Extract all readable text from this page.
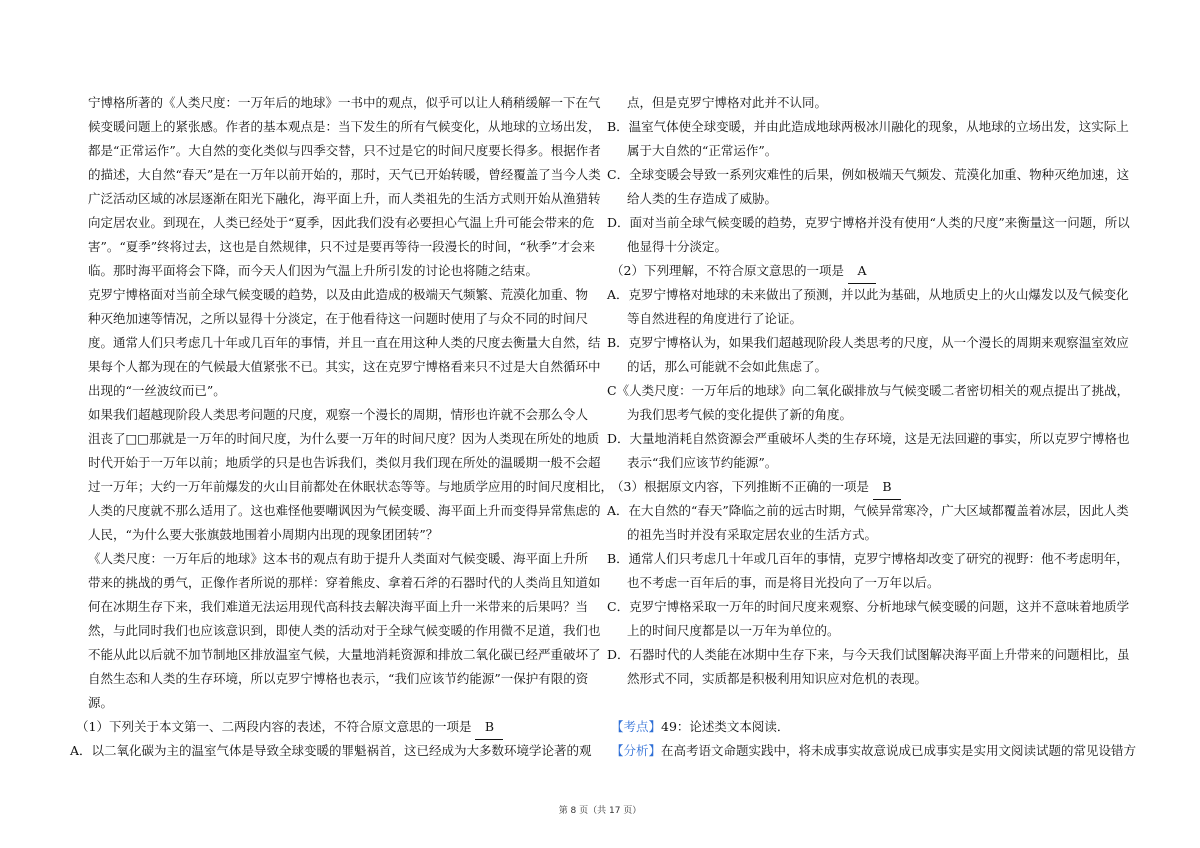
宁博格所著的《人类尺度：一万年后的地球》一书中的观点，似乎可以让人稍稍缓解一下在气
候变暖问题上的紧张感。作者的基本观点是：当下发生的所有气候变化，从地球的立场出发，
都是“正常运作”。大自然的变化类似与四季交替，只不过是它的时间尺度要长得多。根据作者
的描述，大自然“春天”是在一万年以前开始的，那时，天气已开始转暖，曾经覆盖了当今人类
广泛活动区域的冰层逐渐在阳光下融化，海平面上升，而人类祖先的生活方式则开始从渔猎转
向定居农业。到现在，人类已经处于“夏季，因此我们没有必要担心气温上升可能会带来的危
害”。“夏季”终将过去，这也是自然规律，只不过是要再等待一段漫长的时间，“秋季”才会来
临。那时海平面将会下降，而今天人们因为气温上升所引发的讨论也将随之结束。
克罗宁博格面对当前全球气候变暖的趋势，以及由此造成的极端天气频繁、荒漠化加重、物
种灭绝加速等情况，之所以显得十分淡定，在于他看待这一问题时使用了与众不同的时间尺
度。通常人们只考虑几十年或几百年的事情，并且一直在用这种人类的尺度去衡量大自然，结
果每个人都为现在的气候最大值紧张不已。其实，这在克罗宁博格看来只不过是大自然循环中
出现的“一丝波纹而已”。
如果我们超越现阶段人类思考问题的尺度，观察一个漫长的周期，情形也许就不会那么令人
沮丧了□□那就是一万年的时间尺度，为什么要一万年的时间尺度？因为人类现在所处的地质
时代开始于一万年以前；地质学的只是也告诉我们，类似月我们现在所处的温暖期一般不会超
过一万年；大约一万年前爆发的火山目前都处在休眠状态等等。与地质学应用的时间尺度相比，
人类的尺度就不那么适用了。这也难怪他要嘲讽因为气候变暖、海平面上升而变得异常焦虑的
人民，“为什么要大张旗鼓地围着小周期内出现的现象团团转”？
《人类尺度：一万年后的地球》这本书的观点有助于提升人类面对气候变暖、海平面上升所
带来的挑战的勇气，正像作者所说的那样：穿着熊皮、拿着石斧的石器时代的人类尚且知道如
何在冰期生存下来，我们难道无法运用现代高科技去解决海平面上升一米带来的后果吗？当
然，与此同时我们也应该意识到，即使人类的活动对于全球气候变暖的作用微不足道，我们也
不能从此以后就不加节制地区排放温室气候，大量地消耗资源和排放二氧化碳已经严重破坏了
自然生态和人类的生存环境，所以克罗宁博格也表示，“我们应该节约能源”一保护有限的资
源。
（1）下列关于本文第一、二两段内容的表述，不符合原文意思的一项是 B
A．以二氧化碳为主的温室气体是导致全球变暖的罪魁祸首，这已经成为大多数环境学论著的观
点，但是克罗宁博格对此并不认同。
B．温室气体使全球变暖，并由此造成地球两极冰川融化的现象，从地球的立场出发，这实际上
属于大自然的“正常运作”。
C．全球变暖会导致一系列灾难性的后果，例如极端天气频发、荒漠化加重、物种灭绝加速，这
给人类的生存造成了威胁。
D．面对当前全球气候变暖的趋势，克罗宁博格并没有使用“人类的尺度”来衡量这一问题，所以
他显得十分淡定。
（2）下列理解，不符合原文意思的一项是 A
A．克罗宁博格对地球的未来做出了预测，并以此为基础，从地质史上的火山爆发以及气候变化
等自然进程的角度进行了论证。
B．克罗宁博格认为，如果我们超越现阶段人类思考的尺度，从一个漫长的周期来观察温室效应
的话，那么可能就不会如此焦虑了。
C《人类尺度：一万年后的地球》向二氧化碳排放与气候变暖二者密切相关的观点提出了挑战，
为我们思考气候的变化提供了新的角度。
D．大量地消耗自然资源会严重破坏人类的生存环境，这是无法回避的事实，所以克罗宁博格也
表示“我们应该节约能源”。
（3）根据原文内容，下列推断不正确的一项是 B
A．在大自然的“春天”降临之前的远古时期，气候异常寒冷，广大区域都覆盖着冰层，因此人类
的祖先当时并没有采取定居农业的生活方式。
B．通常人们只考虑几十年或几百年的事情，克罗宁博格却改变了研究的视野：他不考虑明年，
也不考虑一百年后的事，而是将目光投向了一万年以后。
C．克罗宁博格采取一万年的时间尺度来观察、分析地球气候变暖的问题，这并不意味着地质学
上的时间尺度都是以一万年为单位的。
D．石器时代的人类能在冰期中生存下来，与今天我们试图解决海平面上升带来的问题相比，虽
然形式不同，实质都是积极利用知识应对危机的表现。
【考点】49：论述类文本阅读．
【分析】在高考语文命题实践中，将未成事实故意说成已成事实是实用文阅读试题的常见设错方
第 8 页（共 17 页）
